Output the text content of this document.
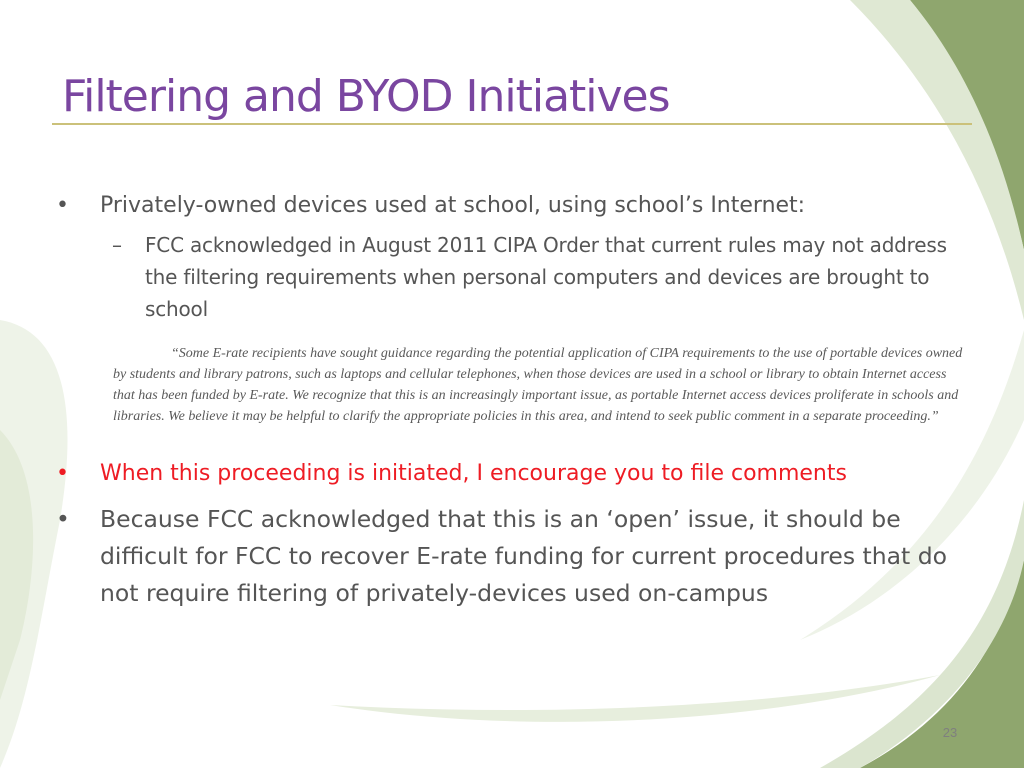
Filtering and BYOD Initiatives
•	Privately-owned devices used at school, using school’s Internet:
– FCC acknowledged in August 2011 CIPA Order that current rules may not address the filtering requirements when personal computers and devices are brought to school

“Some E-rate recipients have sought guidance regarding the potential application of CIPA requirements to the use of portable devices owned by students and library patrons, such as laptops and cellular telephones, when those devices are used in a school or library to obtain Internet access that has been funded by E-rate. We recognize that this is an increasingly important issue, as portable Internet access devices proliferate in schools and libraries. We believe it may be helpful to clarify the appropriate policies in this area, and intend to seek public comment in a separate proceeding.”

•	When this proceeding is initiated, I encourage you to file comments
• Because FCC acknowledged that this is an ‘open’ issue, it should be difficult for FCC to recover E-rate funding for current procedures that do not require filtering of privately-devices used on-campus
23
